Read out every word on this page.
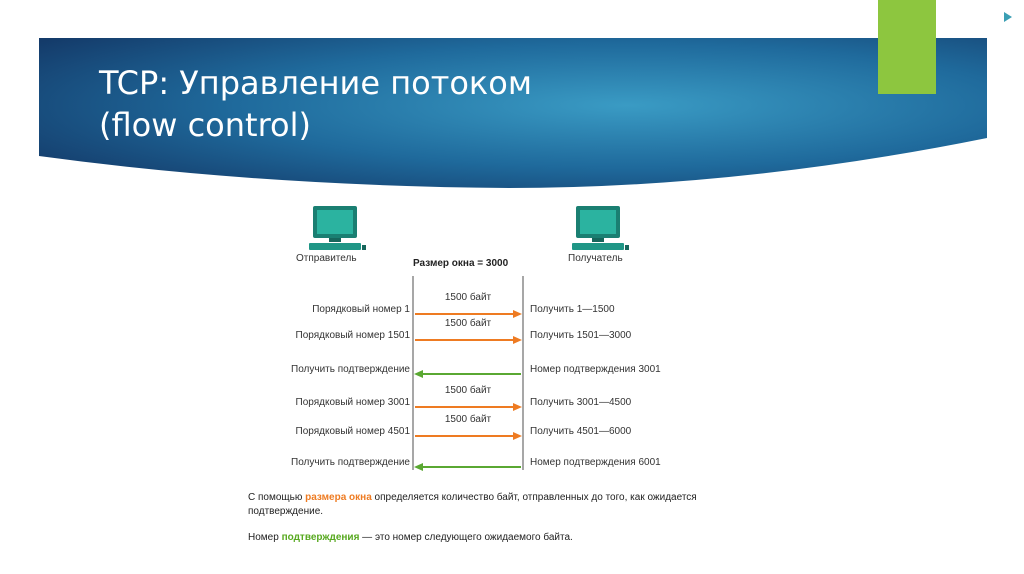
TCP: Управление потоком
(flow control)
Отправитель	Получатель
Размер окна = 3000
Порядковый номер 1	Получить 1—1500
1500 байт
Порядковый номер 1501	Получить 1501—3000
1500 байт
Получить подтверждение	Номер подтверждения 3001
Порядковый номер 3001	Получить 3001—4500
1500 байт
Порядковый номер 4501	Получить 4501—6000
1500 байт
Получить подтверждение	Номер подтверждения 6001

С помощью размера окна определяется количество байт, отправленных до того, как ожидается подтверждение.

Номер подтверждения — это номер следующего ожидаемого байта.
